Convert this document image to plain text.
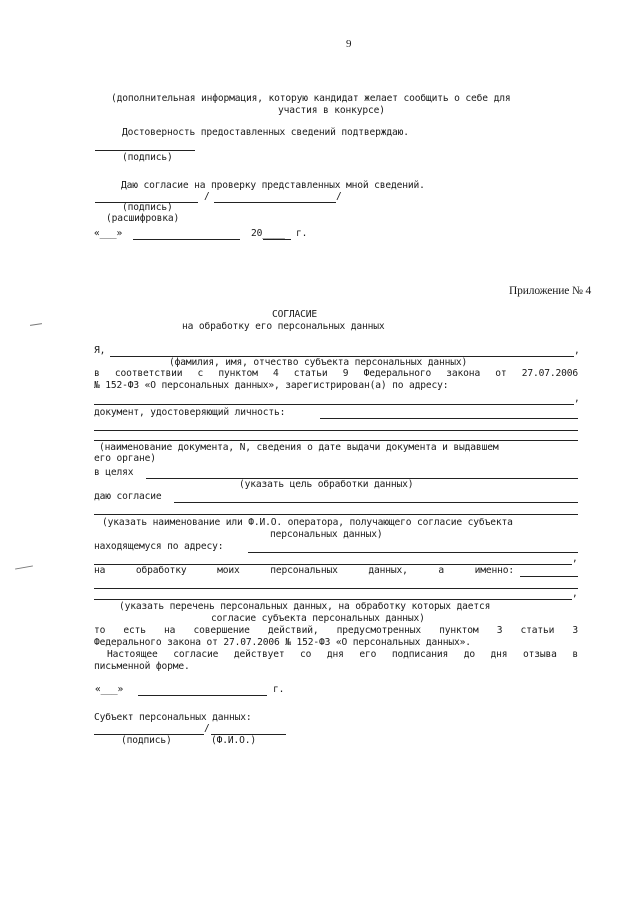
9
(дополнительная информация, которую кандидат желает сообщить о себе для
участия в конкурсе)
Достоверность предоставленных сведений подтверждаю.
(подпись)
Даю согласие на проверку представленных мной сведений.
/	/
(подпись)
(расшифровка)
«___»	20____ г.
Приложение № 4
СОГЛАСИЕ
на обработку его персональных данных
Я,	,
(фамилия, имя, отчество субъекта персональных данных)
в соответствии с пунктом 4 статьи 9 Федерального закона от 27.07.2006
№ 152-ФЗ «О персональных данных», зарегистрирован(а) по адресу:
,
документ, удостоверяющий личность:
(наименование документа, N, сведения о дате выдачи документа и выдавшем
его органе)
в целях
(указать цель обработки данных)
даю согласие
(указать наименование или Ф.И.О. оператора, получающего согласие субъекта
персональных данных)
находящемуся по адресу:
,
на обработку моих персональных данных, а именно:
,
(указать перечень персональных данных, на обработку которых дается
согласие субъекта персональных данных)
то есть на совершение действий, предусмотренных пунктом 3 статьи 3
Федерального закона от 27.07.2006 № 152-ФЗ «О персональных данных».
Настоящее согласие действует со дня его подписания до дня отзыва в
письменной форме.
«___»	г.
Субъект персональных данных:
/
(подпись)	(Ф.И.О.)
